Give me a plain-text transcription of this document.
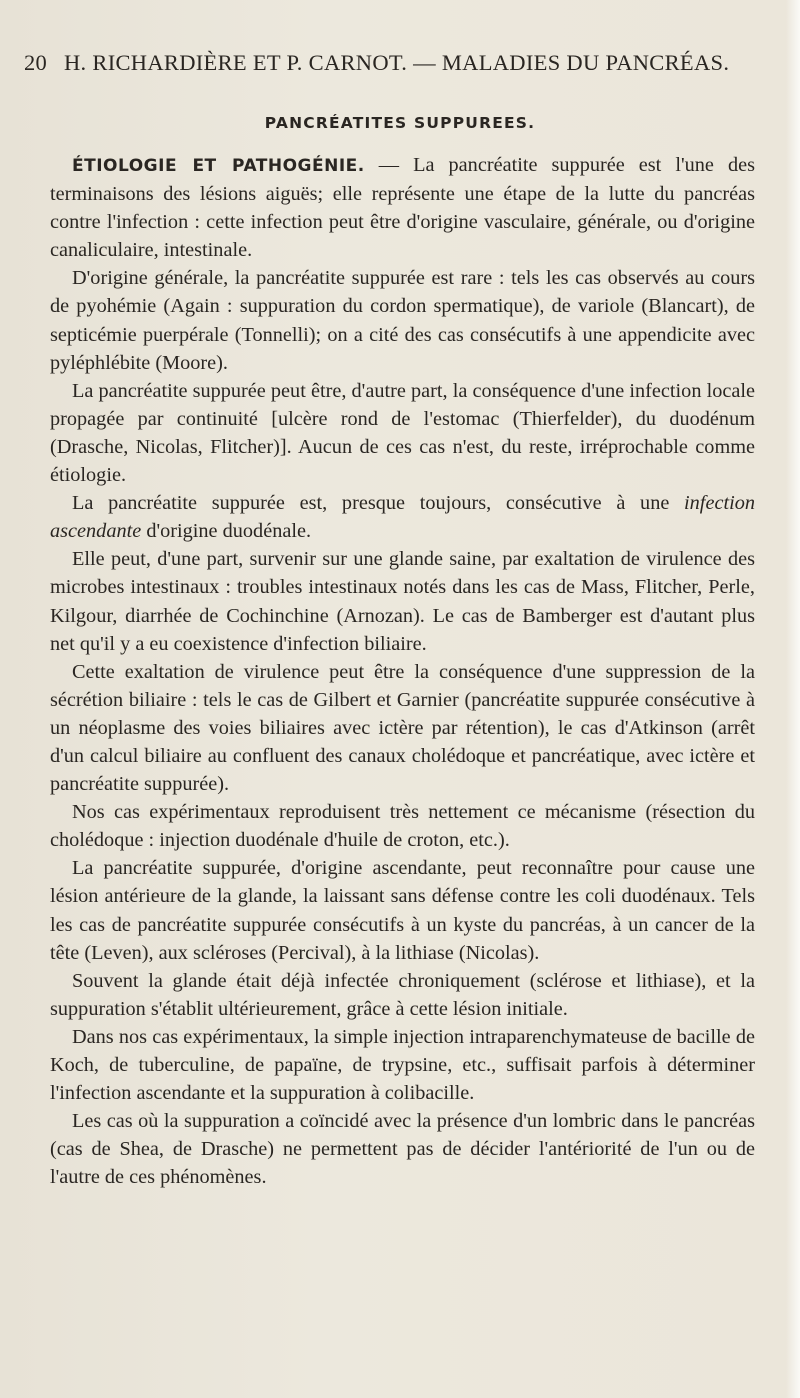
20 H. RICHARDIÈRE ET P. CARNOT. — MALADIES DU PANCRÉAS.
PANCRÉATITES SUPPUREES.

ÉTIOLOGIE ET PATHOGÉNIE. — La pancréatite suppurée est l'une des terminaisons des lésions aiguës; elle représente une étape de la lutte du pancréas contre l'infection : cette infection peut être d'origine vasculaire, générale, ou d'origine canaliculaire, intestinale.

D'origine générale, la pancréatite suppurée est rare : tels les cas observés au cours de pyohémie (Again : suppuration du cordon spermatique), de variole (Blancart), de septicémie puerpérale (Tonnelli); on a cité des cas consécutifs à une appendicite avec pyléphlébite (Moore).

La pancréatite suppurée peut être, d'autre part, la conséquence d'une infection locale propagée par continuité [ulcère rond de l'estomac (Thierfelder), du duodénum (Drasche, Nicolas, Flitcher)]. Aucun de ces cas n'est, du reste, irréprochable comme étiologie.

La pancréatite suppurée est, presque toujours, consécutive à une infection ascendante d'origine duodénale.

Elle peut, d'une part, survenir sur une glande saine, par exaltation de virulence des microbes intestinaux : troubles intestinaux notés dans les cas de Mass, Flitcher, Perle, Kilgour, diarrhée de Cochinchine (Arnozan). Le cas de Bamberger est d'autant plus net qu'il y a eu coexistence d'infection biliaire.

Cette exaltation de virulence peut être la conséquence d'une suppression de la sécrétion biliaire : tels le cas de Gilbert et Garnier (pancréatite suppurée consécutive à un néoplasme des voies biliaires avec ictère par rétention), le cas d'Atkinson (arrêt d'un calcul biliaire au confluent des canaux cholédoque et pancréatique, avec ictère et pancréatite suppurée).

Nos cas expérimentaux reproduisent très nettement ce mécanisme (résection du cholédoque : injection duodénale d'huile de croton, etc.).

La pancréatite suppurée, d'origine ascendante, peut reconnaître pour cause une lésion antérieure de la glande, la laissant sans défense contre les coli duodénaux. Tels les cas de pancréatite suppurée consécutifs à un kyste du pancréas, à un cancer de la tête (Leven), aux scléroses (Percival), à la lithiase (Nicolas).

Souvent la glande était déjà infectée chroniquement (sclérose et lithiase), et la suppuration s'établit ultérieurement, grâce à cette lésion initiale.

Dans nos cas expérimentaux, la simple injection intraparenchymateuse de bacille de Koch, de tuberculine, de papaïne, de trypsine, etc., suffisait parfois à déterminer l'infection ascendante et la suppuration à colibacille.

Les cas où la suppuration a coïncidé avec la présence d'un lombric dans le pancréas (cas de Shea, de Drasche) ne permettent pas de décider l'antériorité de l'un ou de l'autre de ces phénomènes.
